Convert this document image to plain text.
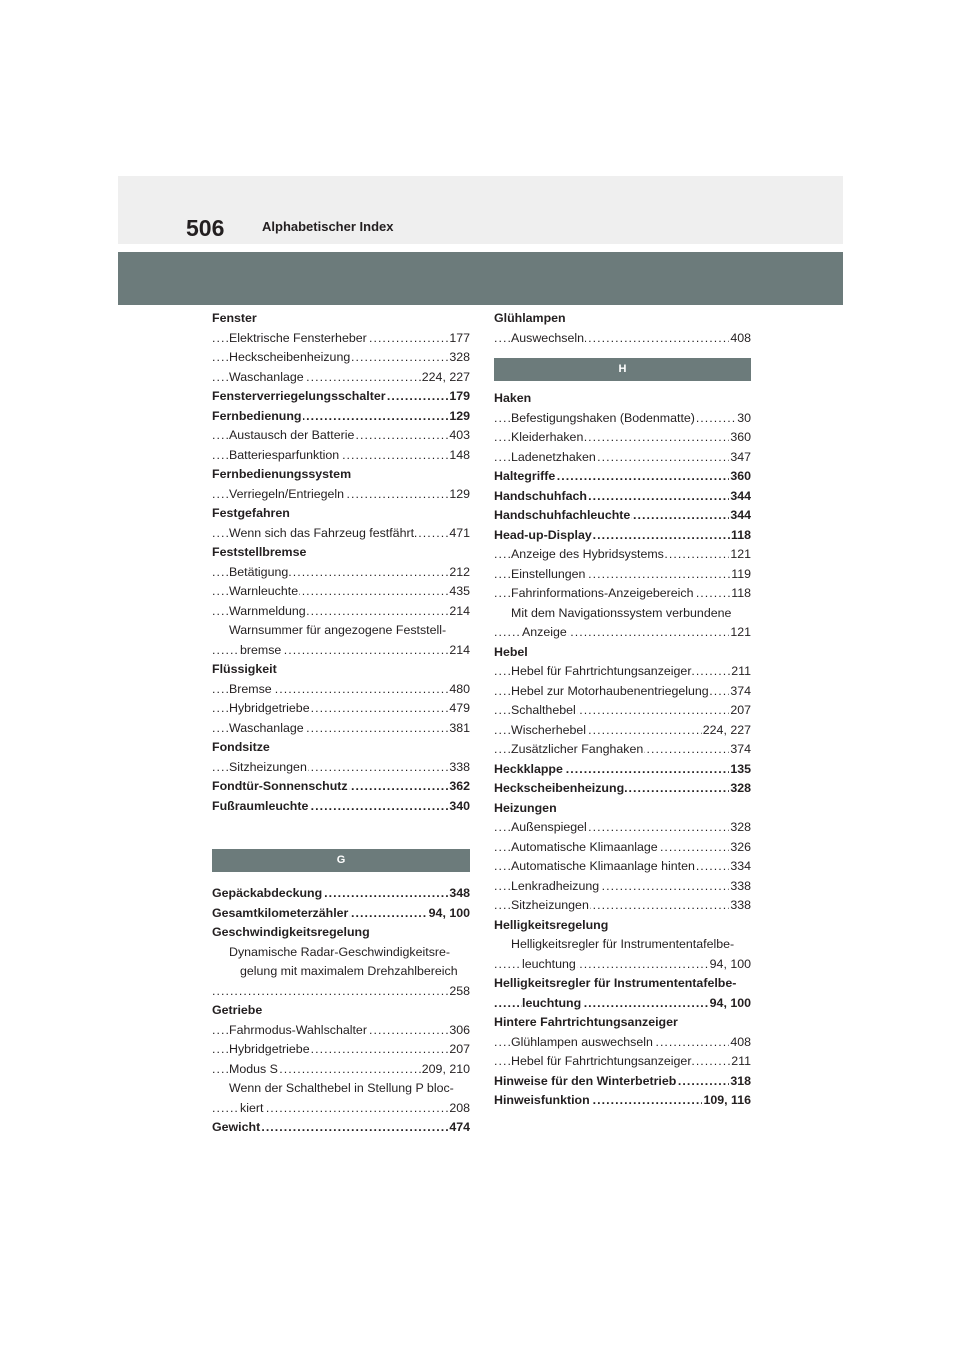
506	Alphabetischer Index
Fenster
. . . Elektrische Fensterheber	177
. . . Heckscheibenheizung	328
. . . Waschanlage	224, 227
. . . Fensterverriegelungsschalter	179
. . . Fernbedienung	129
. . . Austausch der Batterie	403
. . . Batteriesparfunktion	148
Fernbedienungssystem
. . . Verriegeln/Entriegeln	129
Festgefahren
. . . Wenn sich das Fahrzeug festfährt	471
Feststellbremse
. . . Betätigung	212
. . . Warnleuchte	435
. . . Warnmeldung	214
Warnsummer für angezogene Feststell-
. . . bremse	214
Flüssigkeit
. . . Bremse	480
. . . Hybridgetriebe	479
. . . Waschanlage	381
Fondsitze
. . . Sitzheizungen	338
. . . Fondtür-Sonnenschutz	362
. . . Fußraumleuchte	340
G
. . . Gepäckabdeckung	348
. . . Gesamtkilometerzähler	94, 100
Geschwindigkeitsregelung
Dynamische Radar-Geschwindigkeitsre-
gelung mit maximalem Drehzahlbereich
. . . 258
Getriebe
. . . Fahrmodus-Wahlschalter	306
. . . Hybridgetriebe	207
. . . Modus S	209, 210
Wenn der Schalthebel in Stellung P bloc-
. . . kiert	208
. . . Gewicht	474
Glühlampen
. . . Auswechseln	408
H
Haken
. . . Befestigungshaken (Bodenmatte)	30
. . . Kleiderhaken	360
. . . Ladenetzhaken	347
. . . Haltegriffe	360
. . . Handschuhfach	344
. . . Handschuhfachleuchte	344
. . . Head-up-Display	118
. . . Anzeige des Hybridsystems	121
. . . Einstellungen	119
. . . Fahrinformations-Anzeigebereich	118
Mit dem Navigationssystem verbundene
. . . Anzeige	121
Hebel
. . . Hebel für Fahrtrichtungsanzeiger	211
. . . Hebel zur Motorhaubenentriegelung 374
. . . Schalthebel	207
. . . Wischerhebel	224, 227
. . . Zusätzlicher Fanghaken	374
. . . Heckklappe	135
. . . Heckscheibenheizung	328
Heizungen
. . . Außenspiegel	328
. . . Automatische Klimaanlage	326
. . . Automatische Klimaanlage hinten	334
. . . Lenkradheizung	338
. . . Sitzheizungen	338
Helligkeitsregelung
Helligkeitsregler für Instrumententafelbe-
. . . leuchtung	94, 100
Helligkeitsregler für Instrumententafelbe-
. . . leuchtung	94, 100
Hintere Fahrtrichtungsanzeiger
. . . Glühlampen auswechseln	408
. . . Hebel für Fahrtrichtungsanzeiger	211
. . . Hinweise für den Winterbetrieb	318
. . . Hinweisfunktion	109, 116
